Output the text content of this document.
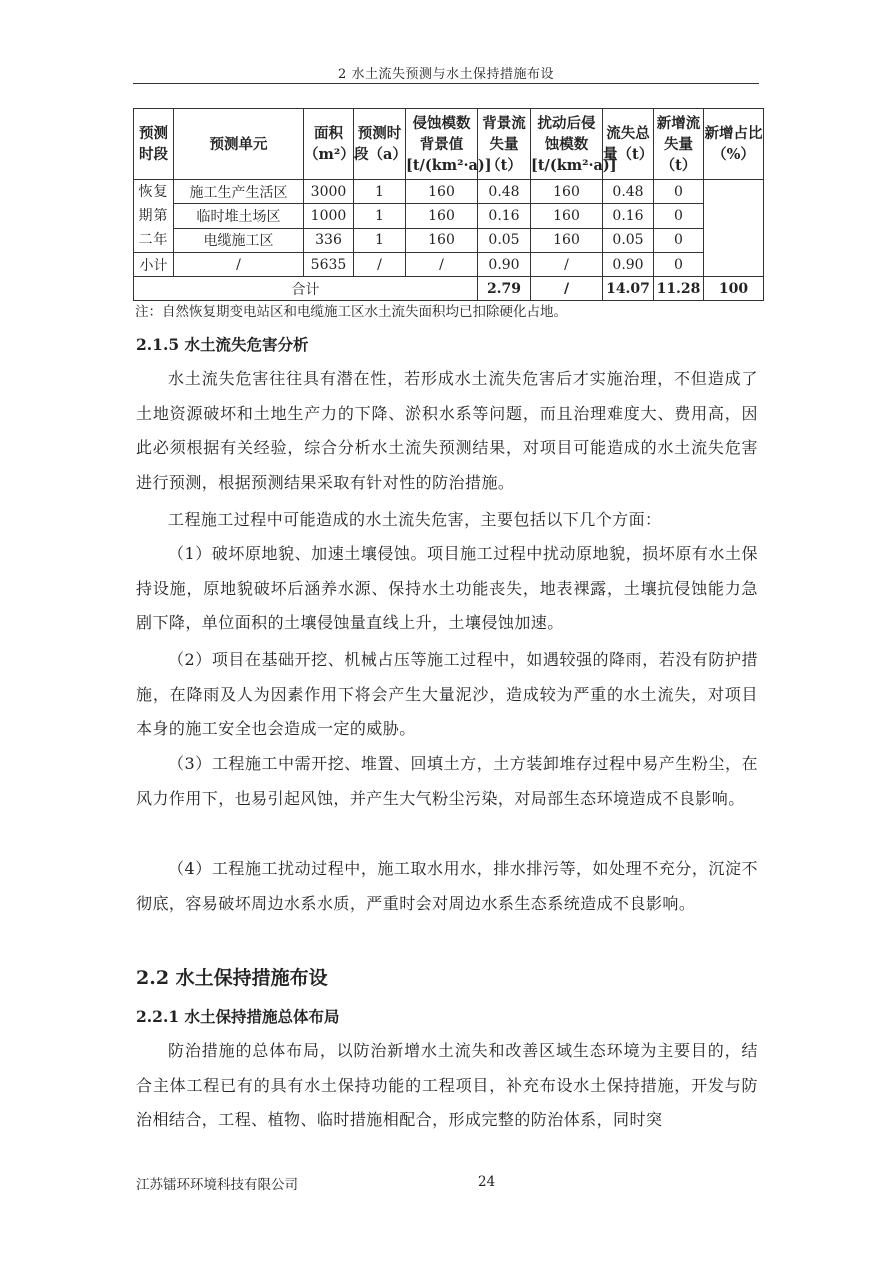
2 水土流失预测与水土保持措施布设
预测时段	预测单元	面积（m²）	预测时段（a）	侵蚀模数背景值[t/(km²·a)]	背景流失量（t）	扰动后侵蚀模数[t/(km²·a)]	流失总量（t）	新增流失量（t）	新增占比（%）
恢复期第二年	施工生产生活区	3000	1	160	0.48	160	0.48	0	
	临时堆土场区	1000	1	160	0.16	160	0.16	0	
	电缆施工区	336	1	160	0.05	160	0.05	0	
小计	/	5635	/	/	0.90	/	0.90	0	
合计					2.79	/	14.07	11.28	100
注：自然恢复期变电站区和电缆施工区水土流失面积均已扣除硬化占地。
2.1.5 水土流失危害分析

水土流失危害往往具有潜在性，若形成水土流失危害后才实施治理，不但造成了土地资源破坏和土地生产力的下降、淤积水系等问题，而且治理难度大、费用高，因此必须根据有关经验，综合分析水土流失预测结果，对项目可能造成的水土流失危害进行预测，根据预测结果采取有针对性的防治措施。

工程施工过程中可能造成的水土流失危害，主要包括以下几个方面：

（1）破坏原地貌、加速土壤侵蚀。项目施工过程中扰动原地貌，损坏原有水土保持设施，原地貌破坏后涵养水源、保持水土功能丧失，地表裸露，土壤抗侵蚀能力急剧下降，单位面积的土壤侵蚀量直线上升，土壤侵蚀加速。

（2）项目在基础开挖、机械占压等施工过程中，如遇较强的降雨，若没有防护措施，在降雨及人为因素作用下将会产生大量泥沙，造成较为严重的水土流失，对项目本身的施工安全也会造成一定的威胁。

（3）工程施工中需开挖、堆置、回填土方，土方装卸堆存过程中易产生粉尘，在风力作用下，也易引起风蚀，并产生大气粉尘污染，对局部生态环境造成不良影响。

（4）工程施工扰动过程中，施工取水用水，排水排污等，如处理不充分，沉淀不彻底，容易破坏周边水系水质，严重时会对周边水系生态系统造成不良影响。

2.2 水土保持措施布设
2.2.1 水土保持措施总体布局

防治措施的总体布局，以防治新增水土流失和改善区域生态环境为主要目的，结合主体工程已有的具有水土保持功能的工程项目，补充布设水土保持措施，开发与防治相结合，工程、植物、临时措施相配合，形成完整的防治体系，同时突

江苏镭环环境科技有限公司	24
